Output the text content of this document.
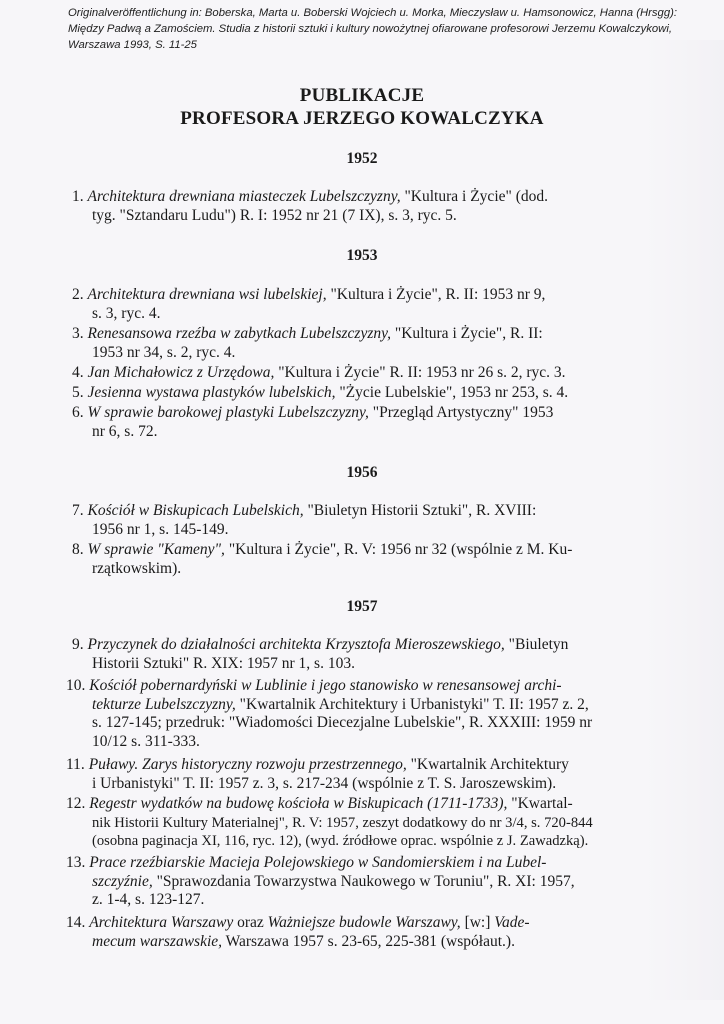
Originalveröffentlichung in: Boberska, Marta u. Boberski Wojciech u. Morka, Mieczysław u. Hamsonowicz, Hanna (Hrsgg):
Między Padwą a Zamościem. Studia z historii sztuki i kultury nowożytnej ofiarowane profesorowi Jerzemu Kowalczykowi,
Warszawa 1993, S. 11-25
PUBLIKACJE
PROFESORA JERZEGO KOWALCZYKA
1952
1. Architektura drewniana miasteczek Lubelszczyzny, "Kultura i Życie" (dod.
tyg. "Sztandaru Ludu") R. I: 1952 nr 21 (7 IX), s. 3, ryc. 5.
1953
2. Architektura drewniana wsi lubelskiej, "Kultura i Życie", R. II: 1953 nr 9,
s. 3, ryc. 4.
3. Renesansowa rzeźba w zabytkach Lubelszczyzny, "Kultura i Życie", R. II:
1953 nr 34, s. 2, ryc. 4.
4. Jan Michałowicz z Urzędowa, "Kultura i Życie" R. II: 1953 nr 26 s. 2, ryc. 3.
5. Jesienna wystawa plastyków lubelskich, "Życie Lubelskie", 1953 nr 253, s. 4.
6. W sprawie barokowej plastyki Lubelszczyzny, "Przegląd Artystyczny" 1953
nr 6, s. 72.
1956
7. Kościół w Biskupicach Lubelskich, "Biuletyn Historii Sztuki", R. XVIII:
1956 nr 1, s. 145-149.
8. W sprawie "Kameny", "Kultura i Życie", R. V: 1956 nr 32 (wspólnie z M. Ku-
rzątkowskim).
1957
9. Przyczynek do działalności architekta Krzysztofa Mieroszewskiego, "Biuletyn
Historii Sztuki" R. XIX: 1957 nr 1, s. 103.
10. Kościół pobernardyński w Lublinie i jego stanowisko w renesansowej archi-
tekturze Lubelszczyzny, "Kwartalnik Architektury i Urbanistyki" T. II: 1957 z. 2,
s. 127-145; przedruk: "Wiadomości Diecezjalne Lubelskie", R. XXXIII: 1959 nr
10/12 s. 311-333.
11. Puławy. Zarys historyczny rozwoju przestrzennego, "Kwartalnik Architektury
i Urbanistyki" T. II: 1957 z. 3, s. 217-234 (wspólnie z T. S. Jaroszewskim).
12. Regestr wydatków na budowę kościoła w Biskupicach (1711-1733), "Kwartal-
nik Historii Kultury Materialnej", R. V: 1957, zeszyt dodatkowy do nr 3/4, s. 720-844
(osobna paginacja XI, 116, ryc. 12), (wyd. źródłowe oprac. wspólnie z J. Zawadzką).
13. Prace rzeźbiarskie Macieja Polejowskiego w Sandomierskiem i na Lubel-
szczyźnie, "Sprawozdania Towarzystwa Naukowego w Toruniu", R. XI: 1957,
z. 1-4, s. 123-127.
14. Architektura Warszawy oraz Ważniejsze budowle Warszawy, [w:] Vade-
mecum warszawskie, Warszawa 1957 s. 23-65, 225-381 (współaut.).
